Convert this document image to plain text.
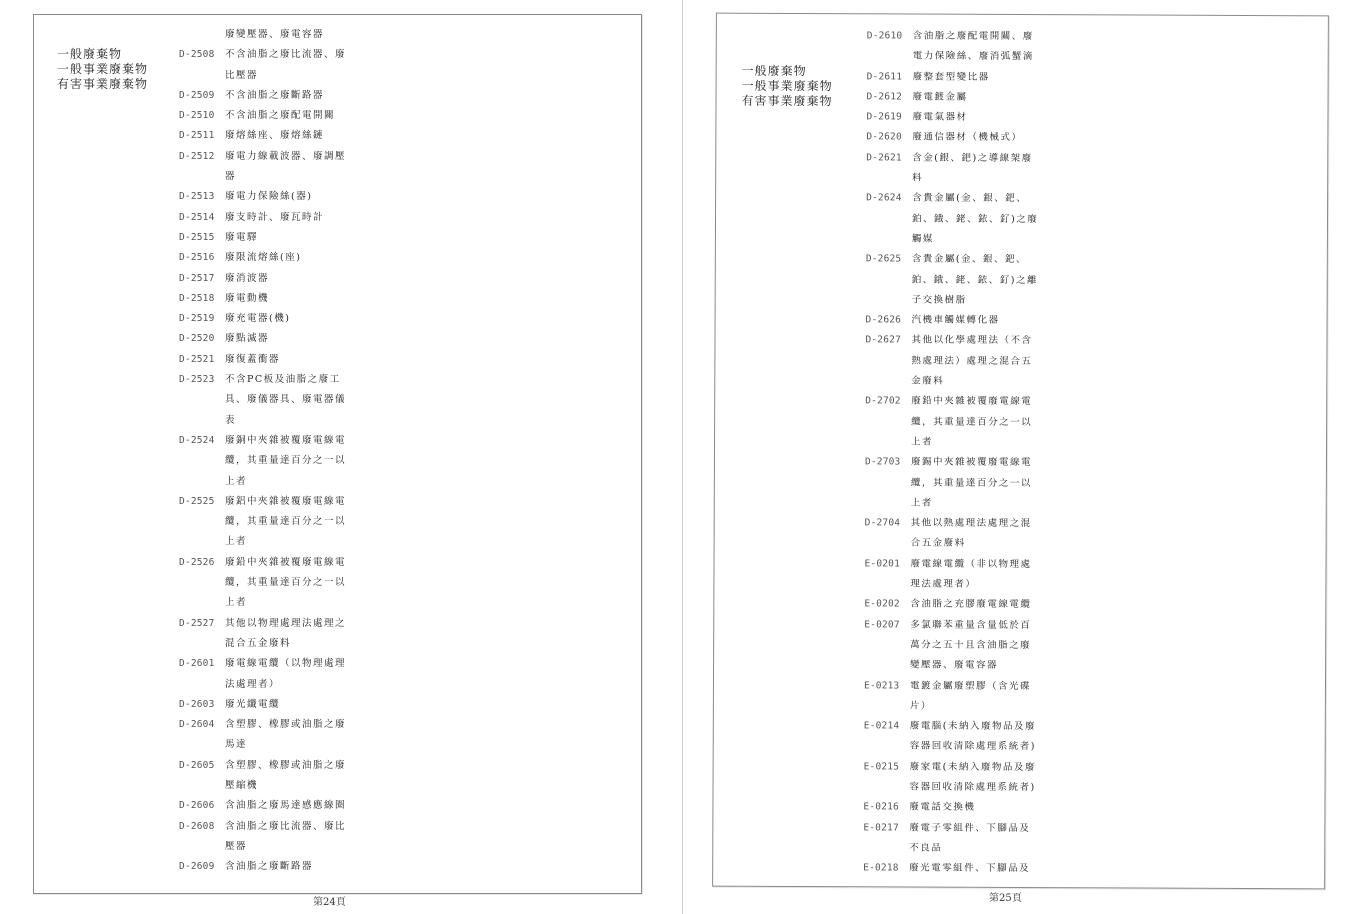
一般廢棄物
一般事業廢棄物
有害事業廢棄物
廢變壓器、廢電容器
D-2508	不含油脂之廢比流器、廢比壓器
D-2509	不含油脂之廢斷路器
D-2510	不含油脂之廢配電開關
D-2511	廢熔絲座、廢熔絲鏈
D-2512	廢電力線載波器、廢調壓器
D-2513	廢電力保險絲(器)
D-2514	廢支時計、廢瓦時計
D-2515	廢電驛
D-2516	廢限流熔絲(座)
D-2517	廢消波器
D-2518	廢電動機
D-2519	廢充電器(機)
D-2520	廢點滅器
D-2521	廢復蓋衝器
D-2523	不含PC板及油脂之廢工具、廢儀器具、廢電器儀表
D-2524	廢銅中夾雜被覆廢電線電纜，其重量達百分之一以上者
D-2525	廢鋁中夾雜被覆廢電線電纜，其重量達百分之一以上者
D-2526	廢鉛中夾雜被覆廢電線電纜，其重量達百分之一以上者
D-2527	其他以物理處理法處理之混合五金廢料
D-2601	廢電線電纜（以物理處理法處理者）
D-2603	廢光纖電纜
D-2604	含塑膠、橡膠或油脂之廢馬達
D-2605	含塑膠、橡膠或油脂之廢壓縮機
D-2606	含油脂之廢馬達感應線圈
D-2608	含油脂之廢比流器、廢比壓器
D-2609	含油脂之廢斷路器
第24頁
一般廢棄物
一般事業廢棄物
有害事業廢棄物
D-2610	含油脂之廢配電開關、廢電力保險絲、廢消弧蟹滴
D-2611	廢整套型變比器
D-2612	廢電鍍金屬
D-2619	廢電氣器材
D-2620	廢通信器材（機械式）
D-2621	含金(銀、鈀)之導線架廢料
D-2624	含貴金屬(金、銀、鈀、鉑、鋨、銠、銥、釕)之廢觸媒
D-2625	含貴金屬(金、銀、鈀、鉑、鋨、銠、銥、釕)之離子交換樹脂
D-2626	汽機車觸媒轉化器
D-2627	其他以化學處理法（不含熱處理法）處理之混合五金廢料
D-2702	廢鉛中夾雜被覆廢電線電纜，其重量達百分之一以上者
D-2703	廢錫中夾雜被覆廢電線電纜，其重量達百分之一以上者
D-2704	其他以熱處理法處理之混合五金廢料
E-0201	廢電線電纜（非以物理處理法處理者）
E-0202	含油脂之充膠廢電線電纜
E-0207	多氯聯苯重量含量低於百萬分之五十且含油脂之廢變壓器、廢電容器
E-0213	電鍍金屬廢塑膠（含光碟片）
E-0214	廢電腦(未納入廢物品及廢容器回收清除處理系統者)
E-0215	廢家電(未納入廢物品及廢容器回收清除處理系統者)
E-0216	廢電話交換機
E-0217	廢電子零組件、下腳品及不良品
E-0218	廢光電零組件、下腳品及
第25頁
